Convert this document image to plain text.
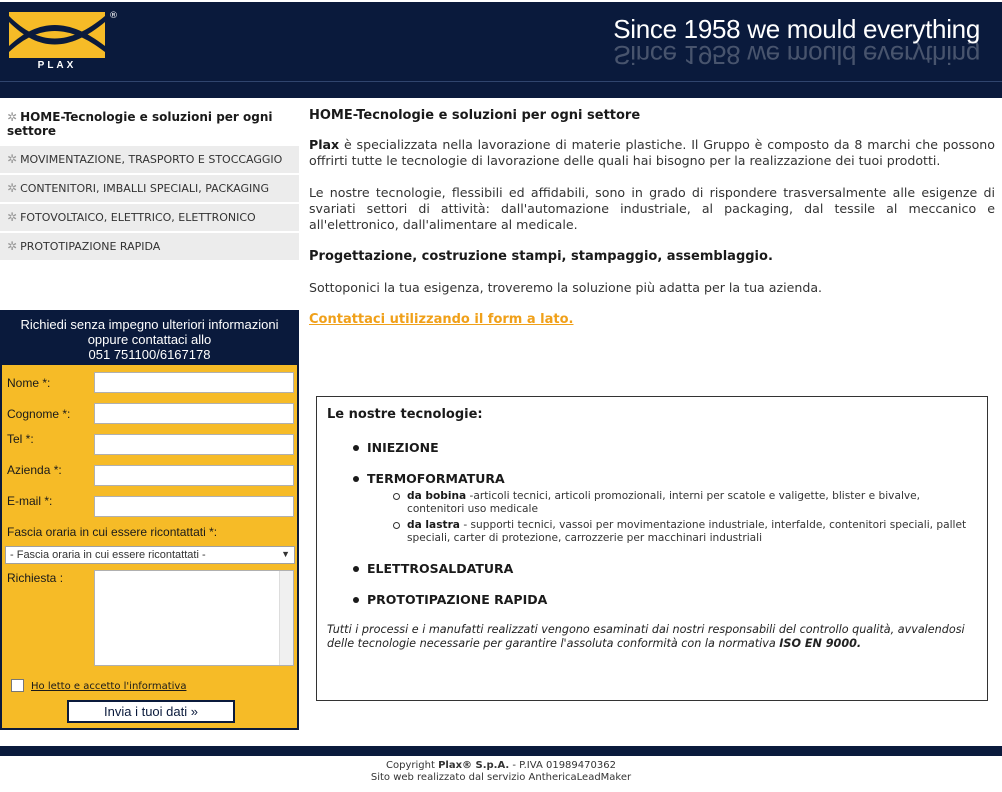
PLAX
®	Since 1958 we mould everything
Since 1958 we mould everything
✲ HOME-Tecnologie e soluzioni per ogni settore
✲ MOVIMENTAZIONE, TRASPORTO E STOCCAGGIO
✲ CONTENITORI, IMBALLI SPECIALI, PACKAGING
✲ FOTOVOLTAICO, ELETTRICO, ELETTRONICO
✲ PROTOTIPAZIONE RAPIDA
Richiedi senza impegno ulteriori informazioni
oppure contattaci allo
051 751100/6167178
Nome *:
Cognome *:
Tel *:
Azienda *:
E-mail *:
Fascia oraria in cui essere ricontattati *:
- Fascia oraria in cui essere ricontattati -	▼
Richiesta :
Ho letto e accetto l'informativa
Invia i tuoi dati »
HOME-Tecnologie e soluzioni per ogni settore

Plax è specializzata nella lavorazione di materie plastiche. Il Gruppo è composto da 8 marchi che possono offrirti tutte le tecnologie di lavorazione delle quali hai bisogno per la realizzazione dei tuoi prodotti.

Le nostre tecnologie, flessibili ed affidabili, sono in grado di rispondere trasversalmente alle esigenze di svariati settori di attività: dall'automazione industriale, al packaging, dal tessile al meccanico e all'elettronico, dall'alimentare al medicale.

Progettazione, costruzione stampi, stampaggio, assemblaggio.

Sottoponici la tua esigenza, troveremo la soluzione più adatta per la tua azienda.

Contattaci utilizzando il form a lato.
Le nostre tecnologie:
INIEZIONE
TERMOFORMATURA
da bobina -articoli tecnici, articoli promozionali, interni per scatole e valigette, blister e bivalve, contenitori uso medicale
da lastra - supporti tecnici, vassoi per movimentazione industriale, interfalde, contenitori speciali, pallet speciali, carter di protezione, carrozzerie per macchinari industriali
ELETTROSALDATURA
PROTOTIPAZIONE RAPIDA

Tutti i processi e i manufatti realizzati vengono esaminati dai nostri responsabili del controllo qualità, avvalendosi delle tecnologie necessarie per garantire l'assoluta conformità con la normativa ISO EN 9000.

Copyright Plax® S.p.A. - P.IVA 01989470362
Sito web realizzato dal servizio AnthericaLeadMaker
